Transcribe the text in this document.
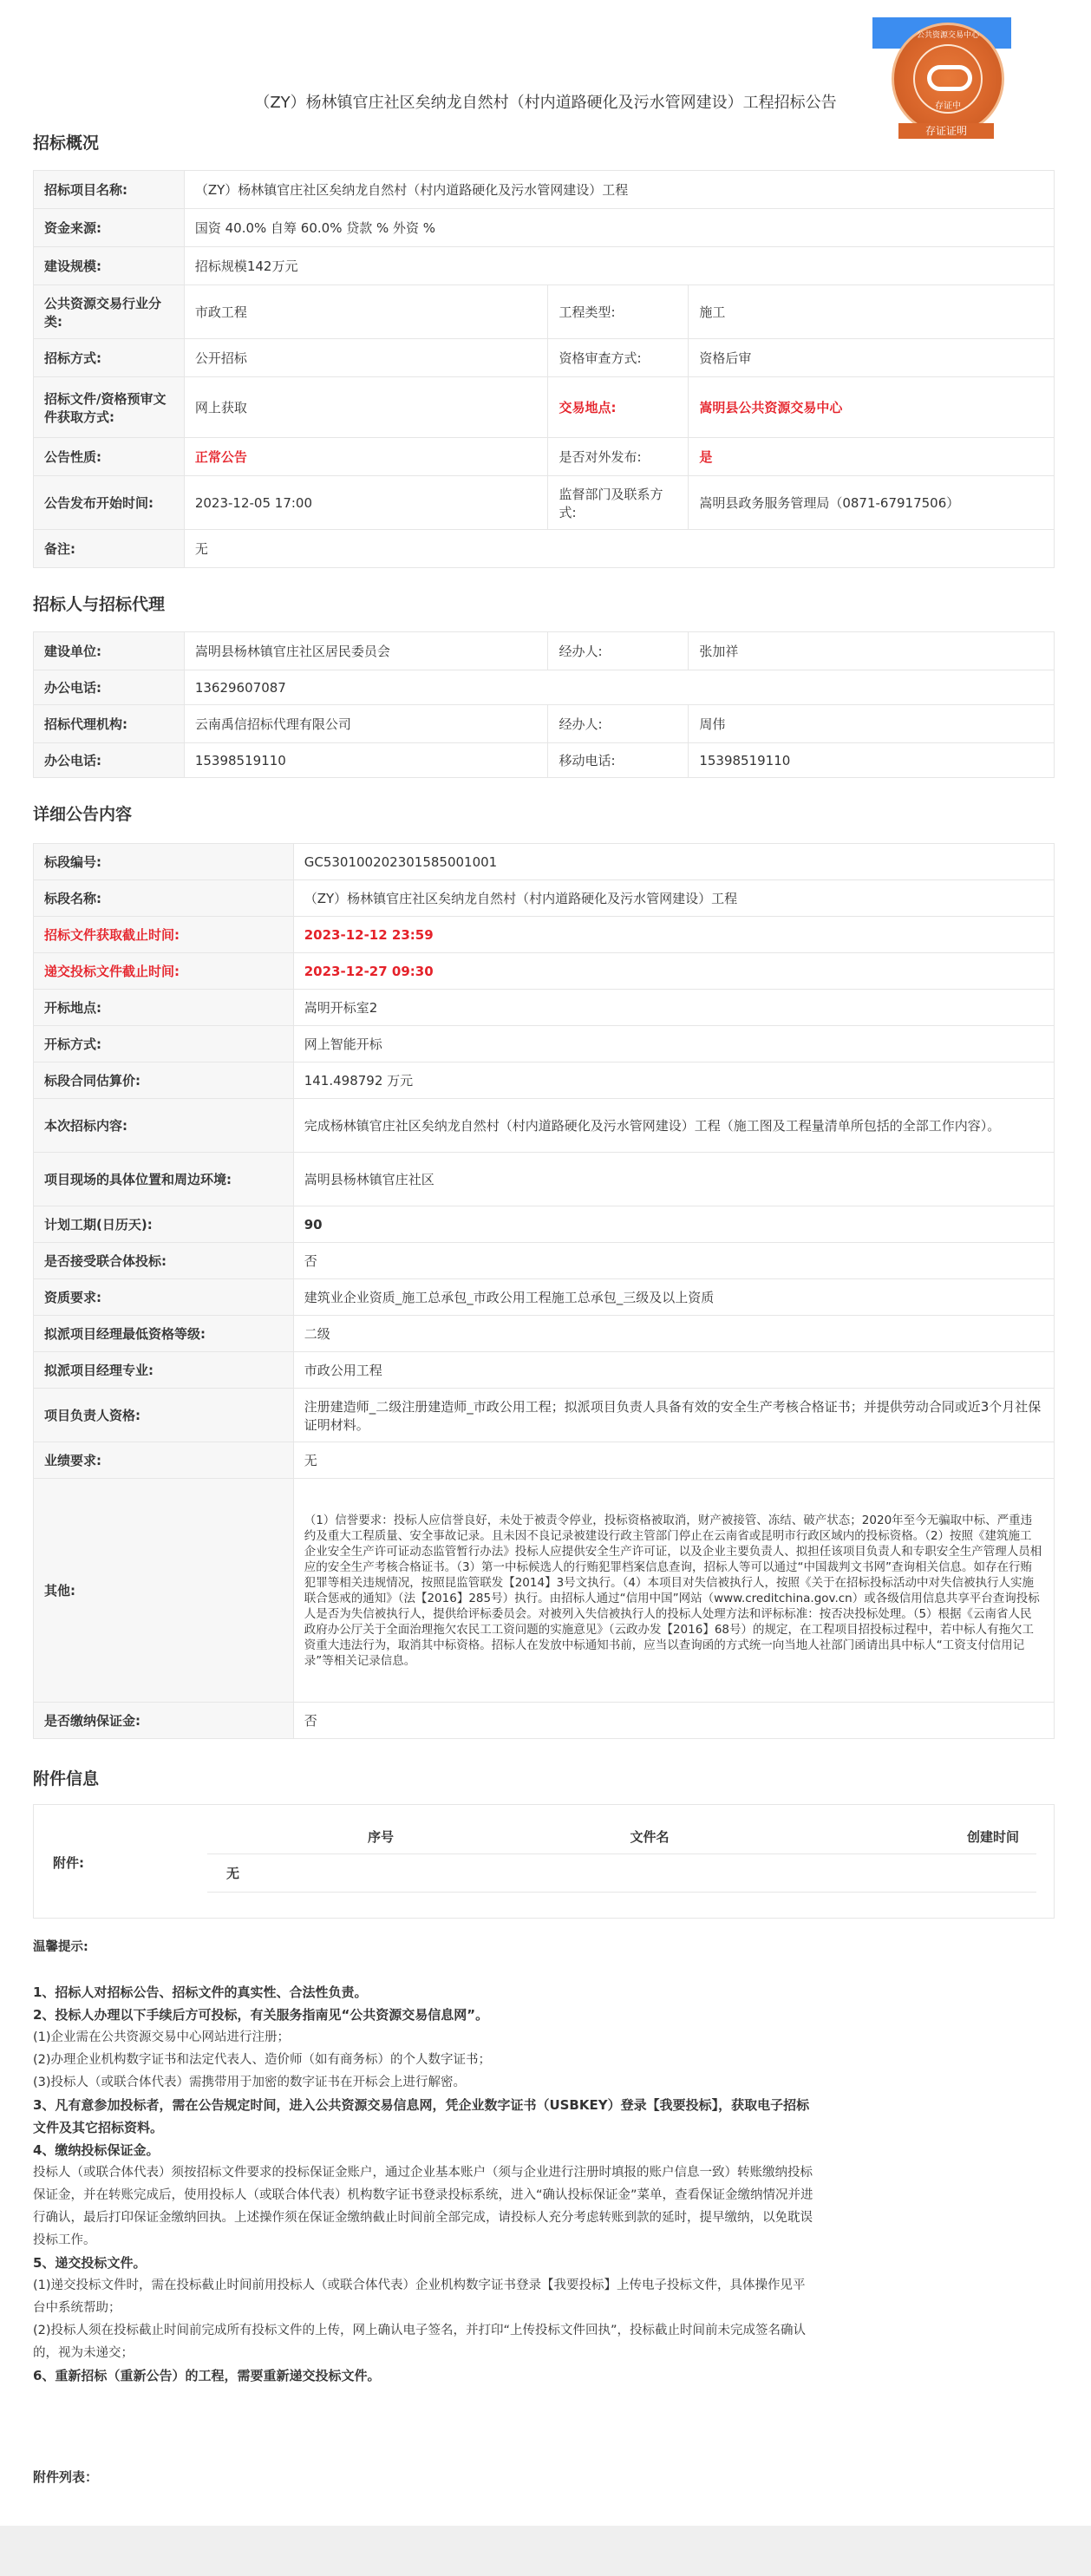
公共资源交易中心
存证中
存证证明
（ZY）杨林镇官庄社区矣纳龙自然村（村内道路硬化及污水管网建设）工程招标公告
招标概况
招标项目名称:	（ZY）杨林镇官庄社区矣纳龙自然村（村内道路硬化及污水管网建设）工程		
资金来源:	国资 40.0% 自筹 60.0% 贷款 % 外资 %		
建设规模:	招标规模142万元		
公共资源交易行业分类:	市政工程	工程类型:	施工
招标方式:	公开招标	资格审查方式:	资格后审
招标文件/资格预审文件获取方式:	网上获取	交易地点:	嵩明县公共资源交易中心
公告性质:	正常公告	是否对外发布:	是
公告发布开始时间:	2023-12-05 17:00	监督部门及联系方式:	嵩明县政务服务管理局（0871-67917506）
备注:	无		
招标人与招标代理
建设单位:	嵩明县杨林镇官庄社区居民委员会	经办人:	张加祥
办公电话:	13629607087		
招标代理机构:	云南禹信招标代理有限公司	经办人:	周伟
办公电话:	15398519110	移动电话:	15398519110
详细公告内容
标段编号:	GC5301002023015850010​01
标段名称:	（ZY）杨林镇官庄社区矣纳龙自然村（村内道路硬化及污水管网建设）工程
招标文件获取截止时间:	2023-12-12 23:59
递交投标文件截止时间:	2023-12-27 09:30
开标地点:	嵩明开标室2
开标方式:	网上智能开标
标段合同估算价:	141.498792 万元
本次招标内容:	完成杨林镇官庄社区矣纳龙自然村（村内道路硬化及污水管网建设）工程（施工图及工程量清单所包括的全部工作内容）。
项目现场的具体位置和周边环境:	嵩明县杨林镇官庄社区
计划工期(日历天):	90
是否接受联合体投标:	否
资质要求:	建筑业企业资质_施工总承包_市政公用工程施工总承包_三级及以上资质
拟派项目经理最低资格等级:	二级
拟派项目经理专业:	市政公用工程
项目负责人资格:	注册建造师_二级注册建造师_市政公用工程；拟派项目负责人具备有效的安全生产考核合格证书；并提供劳动合同或近3个月社保证明材料。
业绩要求:	无
其他:	（1）信誉要求：投标人应信誉良好，未处于被责令停业，投标资格被取消，财产被接管、冻结、破产状态；2020年至今无骗取中标、严重违约及重大工程质量、安全事故记录。且未因不良记录被建设行政主管部门停止在云南省或昆明市行政区域内的投标资格。（2）按照《建筑施工企业安全生产许可证动态监管暂行办法》投标人应提供安全生产许可证，以及企业主要负责人、拟担任该项目负责人和专职安全生产管理人员相应的安全生产考核合格证书。（3）第一中标候选人的行贿犯罪档案信息查询，招标人等可以通过“中国裁判文书网”查询相关信息。如存在行贿犯罪等相关违规情况，按照昆监管联发【2014】3号文执行。（4）本项目对失信被执行人，按照《关于在招标投标活动中对失信被执行人实施联合惩戒的通知》（法【2016】285号）执行。由招标人通过“信用中国”网站（www.creditchina.gov.cn）或各级信用信息共享平台查询投标人是否为失信被执行人，提供给评标委员会。对被列入失信被执行人的投标人处理方法和评标标准：按否决投标处理。（5）根据《云南省人民政府办公厅关于全面治理拖欠农民工工资问题的实施意见》（云政办发【2016】68号）的规定，在工程项目招投标过程中，若中标人有拖欠工资重大违法行为，取消其中标资格。招标人在发放中标通知书前，应当以查询函的方式统一向当地人社部门函请出具中标人“工资支付信用记录”等相关记录信息。
是否缴纳保证金:	否
附件信息
附件:
序号	文件名	创建时间
无

温馨提示:

1、招标人对招标公告、招标文件的真实性、合法性负责。

2、投标人办理以下手续后方可投标，有关服务指南见“公共资源交易信息网”。

(1)企业需在公共资源交易中心网站进行注册；

(2)办理企业机构数字证书和法定代表人、造价师（如有商务标）的个人数字证书；

(3)投标人（或联合体代表）需携带用于加密的数字证书在开标会上进行解密。

3、凡有意参加投标者，需在公告规定时间，进入公共资源交易信息网，凭企业数字证书（USBKEY）登录【我要投标】，获取电子招标文件及其它招标资料。

4、缴纳投标保证金。

投标人（或联合体代表）须按招标文件要求的投标保证金账户，通过企业基本账户（须与企业进行注册时填报的账户信息一致）转账缴纳投标保证金，并在转账完成后，使用投标人（或联合体代表）机构数字证书登录投标系统，进入“确认投标保证金”菜单，查看保证金缴纳情况并进行确认，最后打印保证金缴纳回执。上述操作须在保证金缴纳截止时间前全部完成，请投标人充分考虑转账到款的延时，提早缴纳，以免耽误投标工作。

5、递交投标文件。

(1)递交投标文件时，需在投标截止时间前用投标人（或联合体代表）企业机构数字证书登录【我要投标】上传电子投标文件，具体操作见平台中系统帮助；

(2)投标人须在投标截止时间前完成所有投标文件的上传，网上确认电子签名，并打印“上传投标文件回执”，投标截止时间前未完成签名确认的，视为未递交；

6、重新招标（重新公告）的工程，需要重新递交投标文件。

附件列表：
